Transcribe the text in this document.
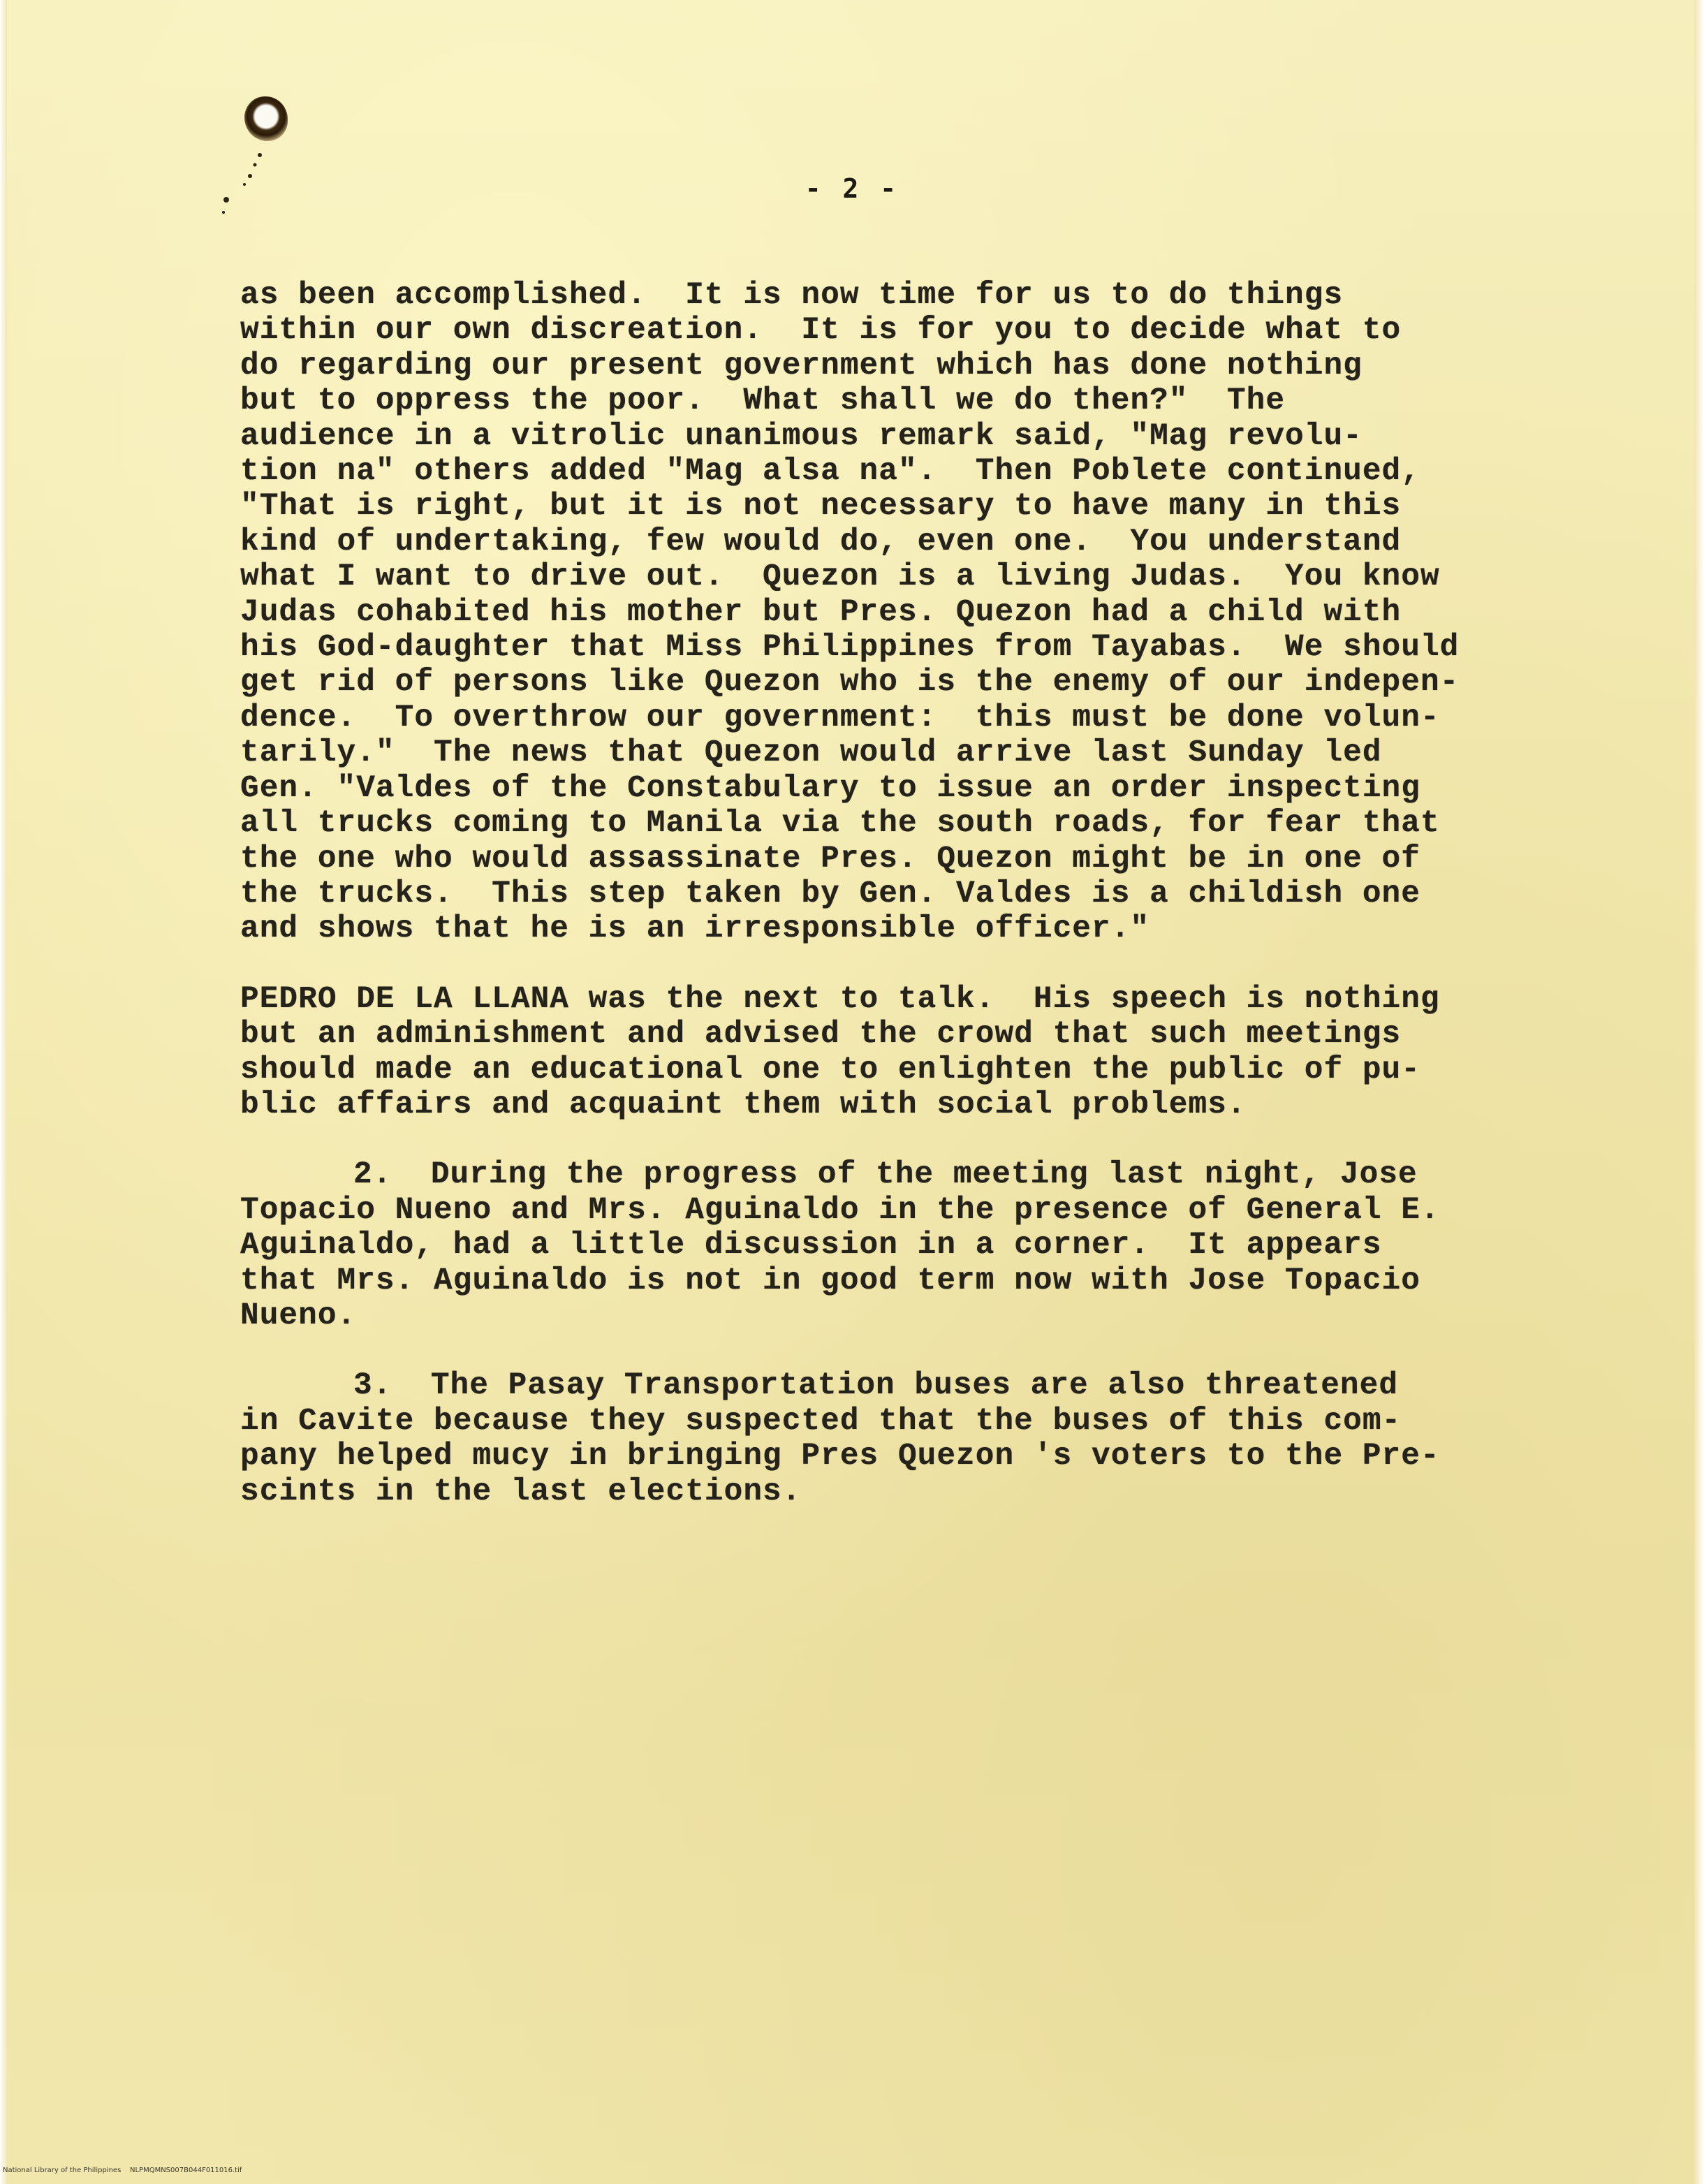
- 2 -
as been accomplished.  It is now time for us to do things
within our own discreation.  It is for you to decide what to
do regarding our present government which has done nothing
but to oppress the poor.  What shall we do then?"  The
audience in a vitrolic unanimous remark said, "Mag revolu-
tion na" others added "Mag alsa na".  Then Poblete continued,
"That is right, but it is not necessary to have many in this
kind of undertaking, few would do, even one.  You understand
what I want to drive out.  Quezon is a living Judas.  You know
Judas cohabited his mother but Pres. Quezon had a child with
his God-daughter that Miss Philippines from Tayabas.  We should
get rid of persons like Quezon who is the enemy of our indepen-
dence.  To overthrow our government:  this must be done volun-
tarily."  The news that Quezon would arrive last Sunday led
Gen. "Valdes of the Constabulary to issue an order inspecting
all trucks coming to Manila via the south roads, for fear that
the one who would assassinate Pres. Quezon might be in one of
the trucks.  This step taken by Gen. Valdes is a childish one
and shows that he is an irresponsible officer."
PEDRO DE LA LLANA was the next to talk.  His speech is nothing
but an adminishment and advised the crowd that such meetings
should made an educational one to enlighten the public of pu-
blic affairs and acquaint them with social problems.
2.  During the progress of the meeting last night, Jose
Topacio Nueno and Mrs. Aguinaldo in the presence of General E.
Aguinaldo, had a little discussion in a corner.  It appears
that Mrs. Aguinaldo is not in good term now with Jose Topacio
Nueno.
3.  The Pasay Transportation buses are also threatened
in Cavite because they suspected that the buses of this com-
pany helped mucy in bringing Pres Quezon 's voters to the Pre-
scints in the last elections.
National Library of the Philippines    NLPMQMNS007B044F011016.tif
